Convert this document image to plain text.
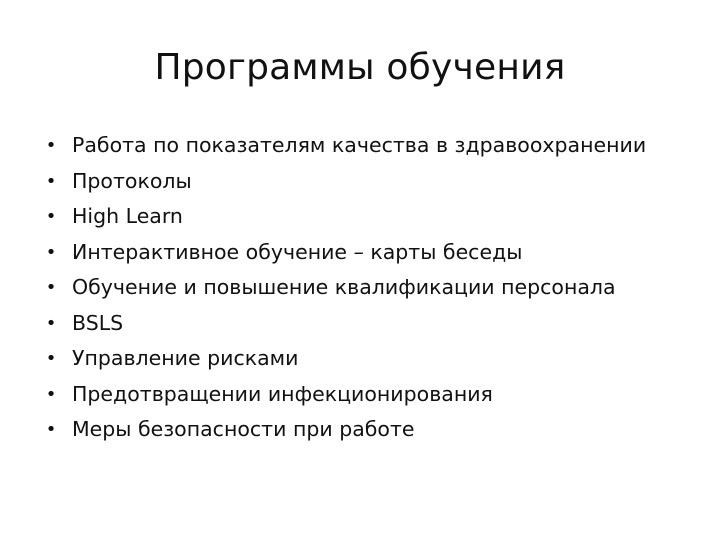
Программы обучения
• Работа по показателям качества в здравоохранении
• Протоколы
• High Learn
• Интерактивное обучение – карты беседы
• Обучение и повышение квалификации персонала
• BSLS
• Управление рисками
• Предотвращении инфекционирования
• Меры безопасности при работе
